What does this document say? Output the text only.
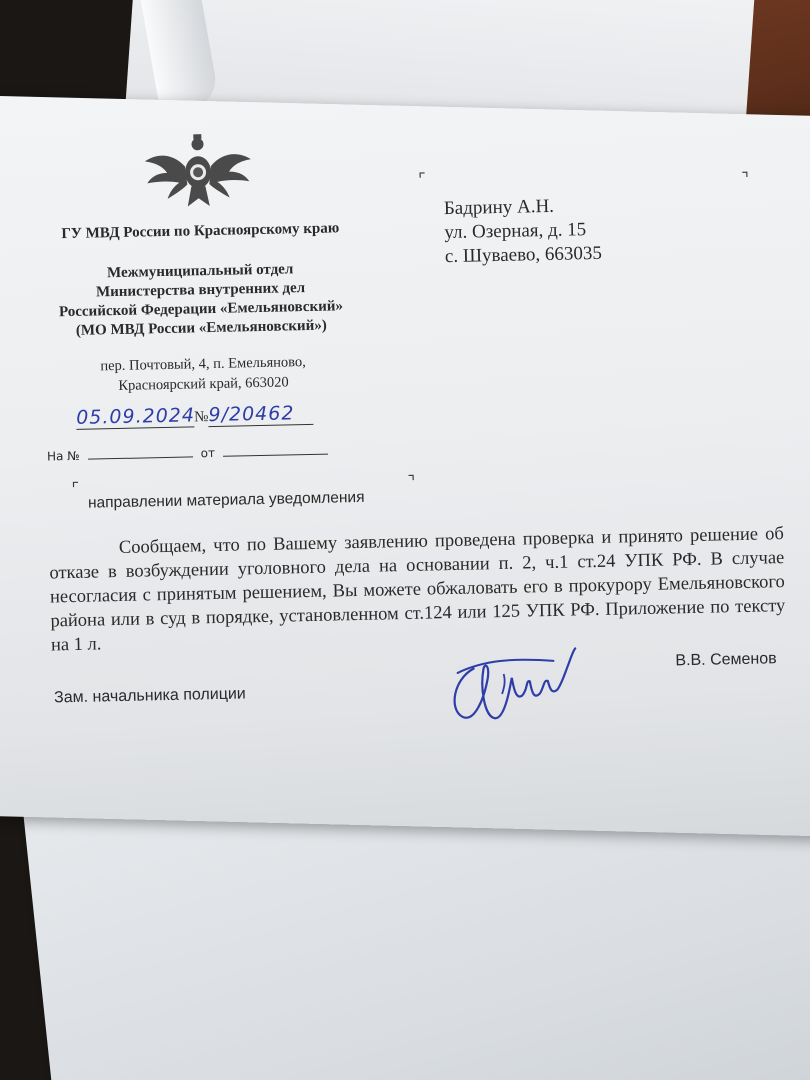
ГУ МВД России по Красноярскому краю
Межмуниципальный отдел
Министерства внутренних дел
Российской Федерации «Емельяновский»
(МО МВД России «Емельяновский»)
пер. Почтовый, 4, п. Емельяново,
Красноярский край, 663020
05.09.2024№9/20462
На №	от
⌜	⌝
⌜	⌝
Бадрину А.Н.
ул. Озерная, д. 15
с. Шуваево, 663035
направлении материала уведомления
Сообщаем, что по Вашему заявлению проведена проверка и принято решение об отказе в возбуждении уголовного дела на основании п. 2, ч.1 ст.24 УПК РФ. В случае несогласия с принятым решением, Вы можете обжаловать его в прокурору Емельяновского района или в суд в порядке, установленном ст.124 или 125 УПК РФ. Приложение по тексту на 1 л.
Зам. начальника полиции
В.В. Семенов
